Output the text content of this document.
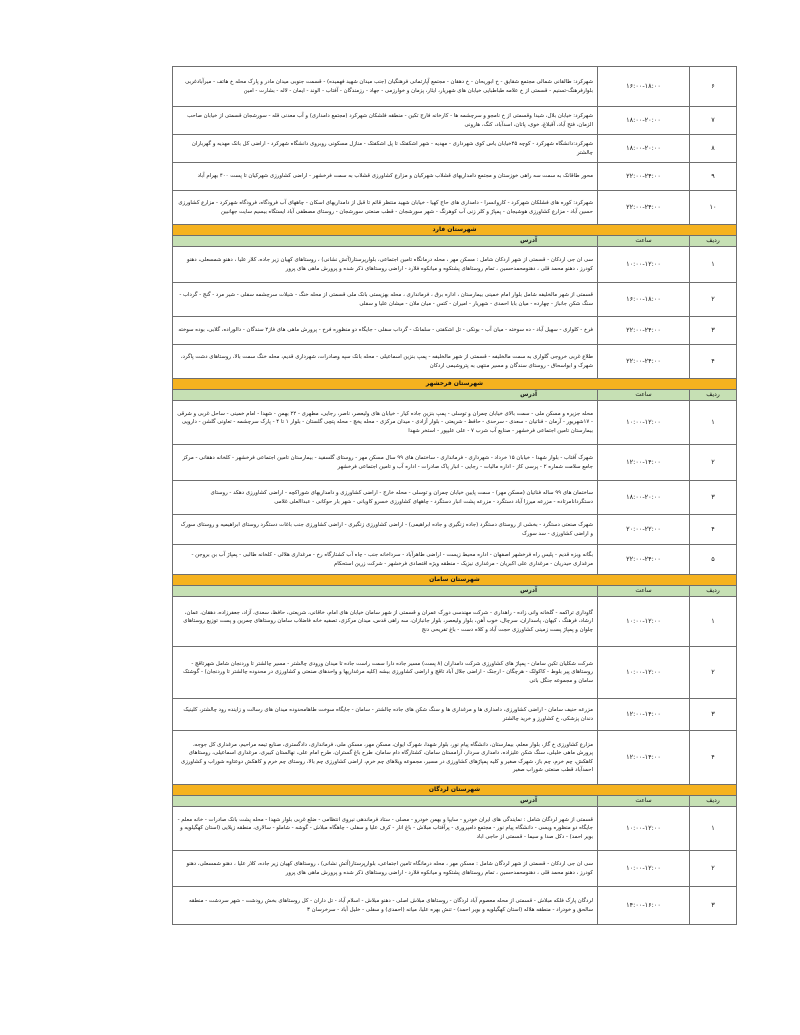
۶	۱۶:۰۰-۱۸:۰۰	شهرکرد: طالقانی شمالی مجتمع شقایق - خ ابوریحان - خ دهقان - مجتمع آپارتمانی فرهنگیان (جنب میدان شهید فهمیده) - قسمت جنوبی میدان مادر و پارک محله خ هاتف - میرآبادغربی بلوارفرهنگ-تسنیم - قسمتی از خ علامه طباطبایی خیابان های شهریار، ایثار، پزمان و خوارزمی - جهاد - رزمندگان - آفتاب - الوند - ایمان - لاله - بشارت - امین
۷	۱۸:۰۰-۲۰:۰۰	شهرکرد: خیابان بلال، شیدا وقسمتی از خ نامجو و سرچشمه ها - کارخانه فارج تکین - منطقه فلشکان شهرکرد (مجتمع دامداری) و آب معدنی قله - سورشجان قسمتی از خیابان صاحب الزمان، فتح آباد، آقبلاغ، خوی، پاتان، اسدآباد، کنگ، هارونی
۸	۱۸:۰۰-۲۰:۰۰	شهرکرد:دانشگاه شهرکرد - کوچه ۴۵خیابان یاس کوی شهرداری - مهدیه - شهر اشکفتک تا پل اشکفتک - منازل مسکونی روبروی دانشگاه شهرکرد - اراضی کل بانک مهدیه و گهرباران چالشتر
۹	۲۲:۰۰-۲۴:۰۰	محور طاقانک به سمت سه راهی خوزستان و مجتمع دامداریهای قشلاب شهرکیان و مزارع کشاورزی قشلاب به سمت فرخشهر - اراضی کشاورزی شهرکیان تا پست ۴۰۰ بهرام آباد
۱۰	۲۲:۰۰-۲۴:۰۰	شهرکرد: کوره های فشلکان شهرکرد - کاروانسرا - دامداری های حاج کهیا - خیابان شهید منتظر قائم تا قبل از دامداریهای اسکان - چاههای آب فرودگاه، فرودگاه شهرکرد - مزارع کشاورزی حسین آباد - مزارع کشاورزی هوشیجان - پمپاژ و کلر زنی آب کوهرنگ - شهر سورشجان - قطب صنعتی سورشجان - روستای مصطفی آباد ایستگاه بیسیم سایت جهانبین
شهرستان فارد		
ردیف	ساعت	آدرس
۱	۱۰:۰۰-۱۲:۰۰	سی ان جی اردکان - قسمتی از شهر اردکان شامل : مسکن مهر ، محله درمانگاه تامین اجتماعی، بلوارپرستار(آتش نشانی) ، روستاهای کهیان زیر جاده، کلار علیا ، دهنو شمسعلی، دهنو کودرز ، دهنو محمد قلی ، دهنومحمدحسین ، تمام روستاهای پشتکوه و میانکوه فلارد - اراضی روستاهای ذکر شده و پرورش ماهی های پرور
۲	۱۶:۰۰-۱۸:۰۰	قسمتی از شهر مالخلیفه شامل بلوار امام خمینی بیمارستان ، اداره برق ، فرمانداری ، محله بهزیستی بانک ملی قسمتی از محله خنگ - شیلات سرچشمه سفلی - شیر مرد - گنج - گرداب - سنگ شکن جانباز - چهارده - میان بابا احمدی - شهریار - امیران - کتس - میان ملان - میشان علیا و سفلی
۳	۲۲:۰۰-۲۴:۰۰	فرخ - کلواری - سهیل آباد - ده سوخته - میان آب - بونکی - تل اشکفتی - سلمانک - گرداب سفلی - جایگاه دو منظوره فرخ - پرورش ماهی های فاز۲ سندگان - دالوراده، گلابی، بوده سوخته
۴	۲۲:۰۰-۲۴:۰۰	طلاع غربی خروجی گلواری به سمت مالخلیفه - قسمتی از شهر مالخلیفه - پمپ بنزین اسماعیلی - محله بانک سپه وصادرات، شهرداری قدیم، محله خنگ سمت بالا، روستاهای دشت پاگرد، شهرک و ابواسحاق - روستای سندگان و مسیر منتهی به پتروشیمی اردکان
شهرستان فرخشهر		
ردیف	ساعت	آدرس
۱	۱۰:۰۰-۱۲:۰۰	محله جزیره و مسکن ملی - سمت بالای خیابان چمران و توسلی - پمپ بنزین جاده کیار - خیابان های ولیعصر، ناصر، رجایی، مطهری - ۲۲ بهمن - شهدا - امام خمینی - ساحل غربی و شرقی - ۱۷شهریور - آرمان - فناتیان - سعدی - سرحدی - حافظ - شریعتی - بلوار آزادی - میدان مرکزی - محله یخچ - محله پتچی گلستان - بلوار ۱ تا ۴ - پارک سرچشمه - تعاونی گلشن - دارویی بیمارستان تامین اجتماعی فرخشهر - صنایع آب شرب ۷ - علی علیپور - استخر شهدا
۲	۱۲:۰۰-۱۴:۰۰	شهرک آفتاب - بلوار شهدا - خیابان ۱۵ خرداد - شهرداری - فرمانداری - ساختمان های ۹۹ سال مسکن مهر - روستای گلسفید - بیمارستان تامین اجتماعی فرخشهر - کلخانه دهقانی - مرکز جامع سلامت شماره ۲ - پرسی کاز - اداره مالیات - رجایی - انبار پاک صادرات - اداره آب و تامین اجتماعی فرخشهر
۳	۱۸:۰۰-۲۰:۰۰	ساختمان های ۹۹ ساله فناتیان (مسکن مهر) - سمت پایین خیابان چمران و توسلی - محله خارج - اراضی کشاورزی و دامداریهای شوراکچه - اراضی کشاورزی دهکد - روستای دستگردانامرتاده - مزرعه میرزا آباد دستگرد - مزرعه پشت انبار دستگرد - چاههای کشاورزی خسرو کاویانی - شهر بار حوکانی - عبداالعلی غلامی
۴	۲۰:۰۰-۲۲:۰۰	شهرک صنعتی دستگرد - بخشی از روستای دستگرد (جاده زنگیری و جاده ابراهیمی) - اراضی کشاورزی زنگیری - اراضی کشاورزی جنب باغات دستگرد روستای ابراهیمیه و روستای سورک و اراضی کشاورزی - سد سورک
۵	۲۲:۰۰-۲۴:۰۰	بگانه وبزه قدیم - پلیس راه فرخشهر اصفهان - اداره محیط زیست - اراضی طاهرآباد - سرداخانه جنب - چاه آب کشتارگاه رخ - مرغداری هلالی - کلخانه طالبی - پمپاژ آب بن بروجن - مرغداری حیدریان - مرغداری علی اکبریان - مرغداری نیزیک - منطقه ویژه اقتصادی فرخشهر - شرکت زرین استحکام
شهرستان سامان		
ردیف	ساعت	آدرس
۱	۱۰:۰۰-۱۲:۰۰	گاوداری تراکمه - گلخانه وانی زاده - راهداری - شرکت مهندسی دورک عمران و قسمتی از شهر سامان خیابان های امام، خاقانی، شریعتی، حافظ، سعدی، آزاد، جعفرزاده، دهقان، عمان، ارشاد، فرهنگ ، کیهان، پاسداران، سرچال، خوب آهن، بلوار ولیعصر، بلوار جانبازان، سه راهی قدس، میدان مرکزی، تصفیه خانه فاضلاب سامان روستاهای چمرین و پست توزیع روستاهای چلوان و پمپاژ پست زمینی کشاورزی حجت آباد و کلاه دست - باغ تفریحی دنج
۲	۱۰:۰۰-۱۲:۰۰	شرکت شکلیان تکین سامان - پمپاژ های کشاورزی شرکت دامداران (۸ پست) مسیر جاده دارا سمت راست جاده تا میدان ورودی چالشتر - مسیر چالشتر تا وردنجان شامل شهرتاقچ - روستاهای پیر بلوط - کاکولک - هرچگان - ارجنک - اراضی جلال آباد تاقچ و اراضی کشاورزی بیشه (کلیه مرغداریها و واحدهای صنعتی و کشاورزی در محدوده چالشتر تا وردنجان) - گوشتک سامان و مجموعه جنگل بانی
۳	۱۲:۰۰-۱۴:۰۰	مزرعه حنیف سامان - اراضی کشاورزی، دامداری ها و مرغداری ها و سنگ شکن های جاده چالشتر - سامان - جایگاه سوخت طاهامحدوده میدان های رسالت و زاینده رود چالشتر، کلینیک دندان پزشکی، خ کشاورز و خرید چالشتر
۴	۱۲:۰۰-۱۴:۰۰	مزارع کشاورزی خ گاز، بلوار معلم، بیمارستان، دانشگاه پیام نور، بلوار شهدا، شهرک ایوان، مسکن مهر، مسکن ملی، فرمانداری، دادگستری، صنایع تیمه مراحیم، مرغداری کل جوجه، پرورش ماهی خلیلی، سنگ شکن علیزاده، دامداری سردار، آرامستان سامان، کشتارگاه دام سامان، طرح باغ گستران، طرح امام علی، نهالستان کبیری، مرغداری اسماعیلی، روستاهای کاهکش، چم خرم، چم باز، شهرک صغیر و کلیه پمپاژهای کشاورزی در مسیر، مجموعه ویلاهای چم خرم، اراضی کشاورزی چم بالا، روستای چم خرم و کاهکش دوعتاوه شوراب و کشاورزی احمدآباد قطب صنعتی شوراب صغیر
شهرستان لردگان		
ردیف	ساعت	آدرس
۱	۱۰:۰۰-۱۲:۰۰	قسمتی از شهر لردگان شامل : نمایندگی های ایران خودرو - سایپا و بهمن خودرو - مصلی - ستاد فرماندهی نیروی انتظامی - ضلع غربی بلوار شهدا - محله پشت بانک صادرات - خانه معلم - جایگاه دو منظوره ویسی - دانشگاه پیام نور - مجتمع دامپروری - پرآفتاب مبلاش - باغ انار - کرف علیا و سفلی - چاهگاه مبلاش - گوشه - شاملو - سالاری، منطقه زیلایی (استان کهگیلویه و بویر احمد) - دکل صدا و سیما - قسمتی از حاجی اباد
۲	۱۰:۰۰-۱۲:۰۰	سی ان جی اردکان - قسمتی از شهر لردگان شامل : مسکن مهر ، محله درمانگاه تامین اجتماعی، بلوارپرستار(آتش نشانی) ، روستاهای کهیان زیر جاده، کلار علیا ، دهنو شمسعلی، دهنو کودرز ، دهنو محمد قلی ، دهنومحمدحسین ، تمام روستاهای پشتکوه و میانکوه فلارد - اراضی روستاهای ذکر شده و پرورش ماهی های پرور
۳	۱۴:۰۰-۱۶:۰۰	لردگان پارک فلکه مبلاش - قسمتی از محله معصوم آباد لردگان - روستاهای مبلاش اصلی - دهنو مبلاش - اسلام آباد - تل داران - کل روستاهای بخش رودشت - شهر سردشت - منطقه سالحق و خودراد - منطقه هلاله (استان کهگیلویه و بویر احمد) - تنش بهره علیا، میانه (احمدی) و سفلی - خلیل آباد - سرخرسان ۳
